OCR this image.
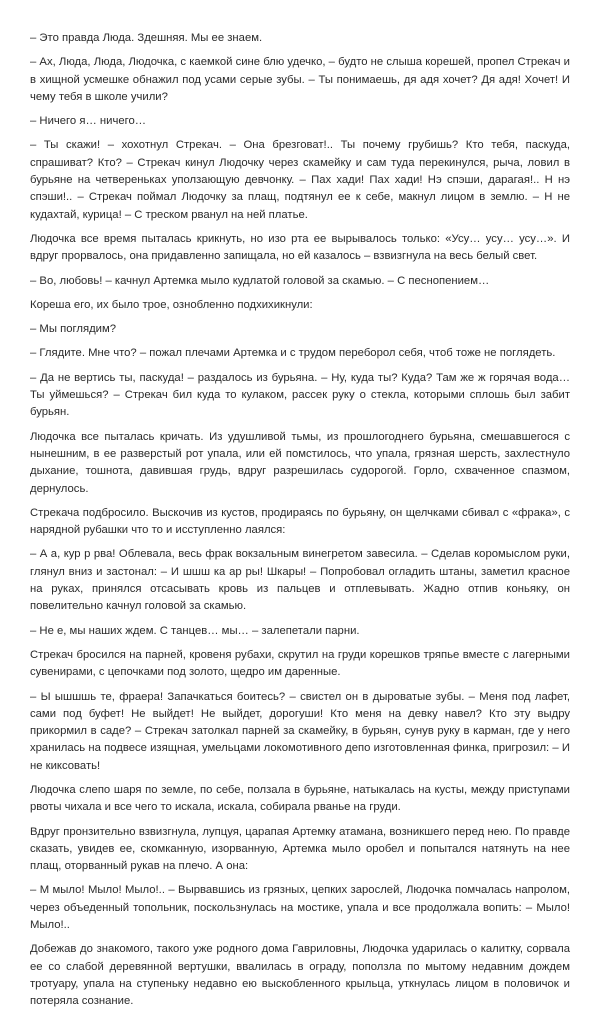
– Это правда Люда. Здешняя. Мы ее знаем.

– Ах, Люда, Люда, Людочка, с каемкой сине блю удечко, – будто не слыша корешей, пропел Стрекач и в хищной усмешке обнажил под усами серые зубы. – Ты понимаешь, дя адя хочет? Дя адя! Хочет! И чему тебя в школе учили?

– Ничего я… ничего…

– Ты скажи! – хохотнул Стрекач. – Она брезговат!.. Ты почему грубишь? Кто тебя, паскуда, спрашиват? Кто? – Стрекач кинул Людочку через скамейку и сам туда перекинулся, рыча, ловил в бурьяне на четвереньках уползающую девчонку. – Пах хади! Пах хади! Нэ спэши, дарагая!.. Н нэ спэши!.. – Стрекач поймал Людочку за плащ, подтянул ее к себе, макнул лицом в землю. – Н не кудахтай, курица! – С треском рванул на ней платье.

Людочка все время пыталась крикнуть, но изо рта ее вырывалось только: «Усу… усу… усу…». И вдруг прорвалось, она придавленно запищала, но ей казалось – взвизгнула на весь белый свет.

– Во, любовь! – качнул Артемка мыло кудлатой головой за скамью. – С песнопением…

Кореша его, их было трое, ознобленно подхихикнули:

– Мы поглядим?

– Глядите. Мне что? – пожал плечами Артемка и с трудом переборол себя, чтоб тоже не поглядеть.

– Да не вертись ты, паскуда! – раздалось из бурьяна. – Ну, куда ты? Куда? Там же ж горячая вода… Ты уймешься? – Стрекач бил куда то кулаком, рассек руку о стекла, которыми сплошь был забит бурьян.

Людочка все пыталась кричать. Из удушливой тьмы, из прошлогоднего бурьяна, смешавшегося с нынешним, в ее разверстый рот упала, или ей помстилось, что упала, грязная шерсть, захлестнуло дыхание, тошнота, давившая грудь, вдруг разрешилась судорогой. Горло, схваченное спазмом, дернулось.

Стрекача подбросило. Выскочив из кустов, продираясь по бурьяну, он щелчками сбивал с «фрака», с нарядной рубашки что то и исступленно лаялся:

– А а, кур р рва! Облевала, весь фрак вокзальным винегретом завесила. – Сделав коромыслом руки, глянул вниз и застонал: – И шшш ка ар ры! Шкары! – Попробовал огладить штаны, заметил красное на руках, принялся отсасывать кровь из пальцев и отплевывать. Жадно отпив коньяку, он повелительно качнул головой за скамью.

– Не е, мы наших ждем. С танцев… мы… – залепетали парни.

Стрекач бросился на парней, кровеня рубахи, скрутил на груди корешков тряпье вместе с лагерными сувенирами, с цепочками под золото, щедро им даренные.

– Ы ышшшь те, фраера! Запачкаться боитесь? – свистел он в дыроватые зубы. – Меня под лафет, сами под буфет! Не выйдет! Не выйдет, дорогуши! Кто меня на девку навел? Кто эту выдру прикормил в саде? – Стрекач затолкал парней за скамейку, в бурьян, сунув руку в карман, где у него хранилась на подвесе изящная, умельцами локомотивного депо изготовленная финка, пригрозил: – И не киксовать!

Людочка слепо шаря по земле, по себе, ползала в бурьяне, натыкалась на кусты, между приступами рвоты чихала и все чего то искала, искала, собирала рванье на груди.

Вдруг пронзительно взвизгнула, лупцуя, царапая Артемку атамана, возникшего перед нею. По правде сказать, увидев ее, скомканную, изорванную, Артемка мыло оробел и попытался натянуть на нее плащ, оторванный рукав на плечо. А она:

– М мыло! Мыло! Мыло!.. – Вырвавшись из грязных, цепких зарослей, Людочка помчалась напролом, через объеденный топольник, поскользнулась на мостике, упала и все продолжала вопить: – Мыло! Мыло!..

Добежав до знакомого, такого уже родного дома Гавриловны, Людочка ударилась о калитку, сорвала ее со слабой деревянной вертушки, ввалилась в ограду, поползла по мытому недавним дождем тротуару, упала на ступеньку недавно ею выскобленного крыльца, уткнулась лицом в половичок и потеряла сознание.
